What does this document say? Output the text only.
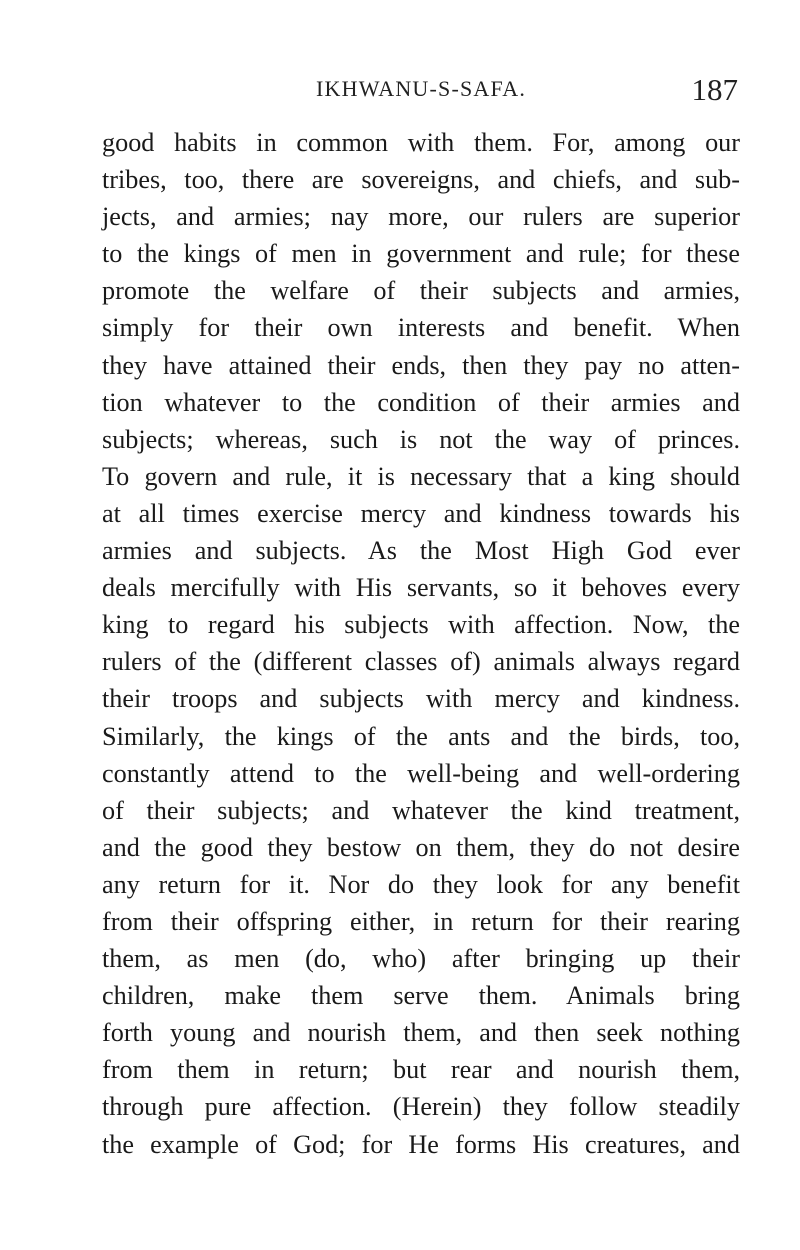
IKHWANU-S-SAFA.	187
good habits in common with them. For, among our
tribes, too, there are sovereigns, and chiefs, and sub-
jects, and armies; nay more, our rulers are superior
to the kings of men in government and rule; for these
promote the welfare of their subjects and armies,
simply for their own interests and benefit. When
they have attained their ends, then they pay no atten-
tion whatever to the condition of their armies and
subjects; whereas, such is not the way of princes.
To govern and rule, it is necessary that a king should
at all times exercise mercy and kindness towards his
armies and subjects. As the Most High God ever
deals mercifully with His servants, so it behoves every
king to regard his subjects with affection. Now, the
rulers of the (different classes of) animals always regard
their troops and subjects with mercy and kindness.
Similarly, the kings of the ants and the birds, too,
constantly attend to the well-being and well-ordering
of their subjects; and whatever the kind treatment,
and the good they bestow on them, they do not desire
any return for it. Nor do they look for any benefit
from their offspring either, in return for their rearing
them, as men (do, who) after bringing up their
children, make them serve them. Animals bring
forth young and nourish them, and then seek nothing
from them in return; but rear and nourish them,
through pure affection. (Herein) they follow steadily
the example of God; for He forms His creatures, and
